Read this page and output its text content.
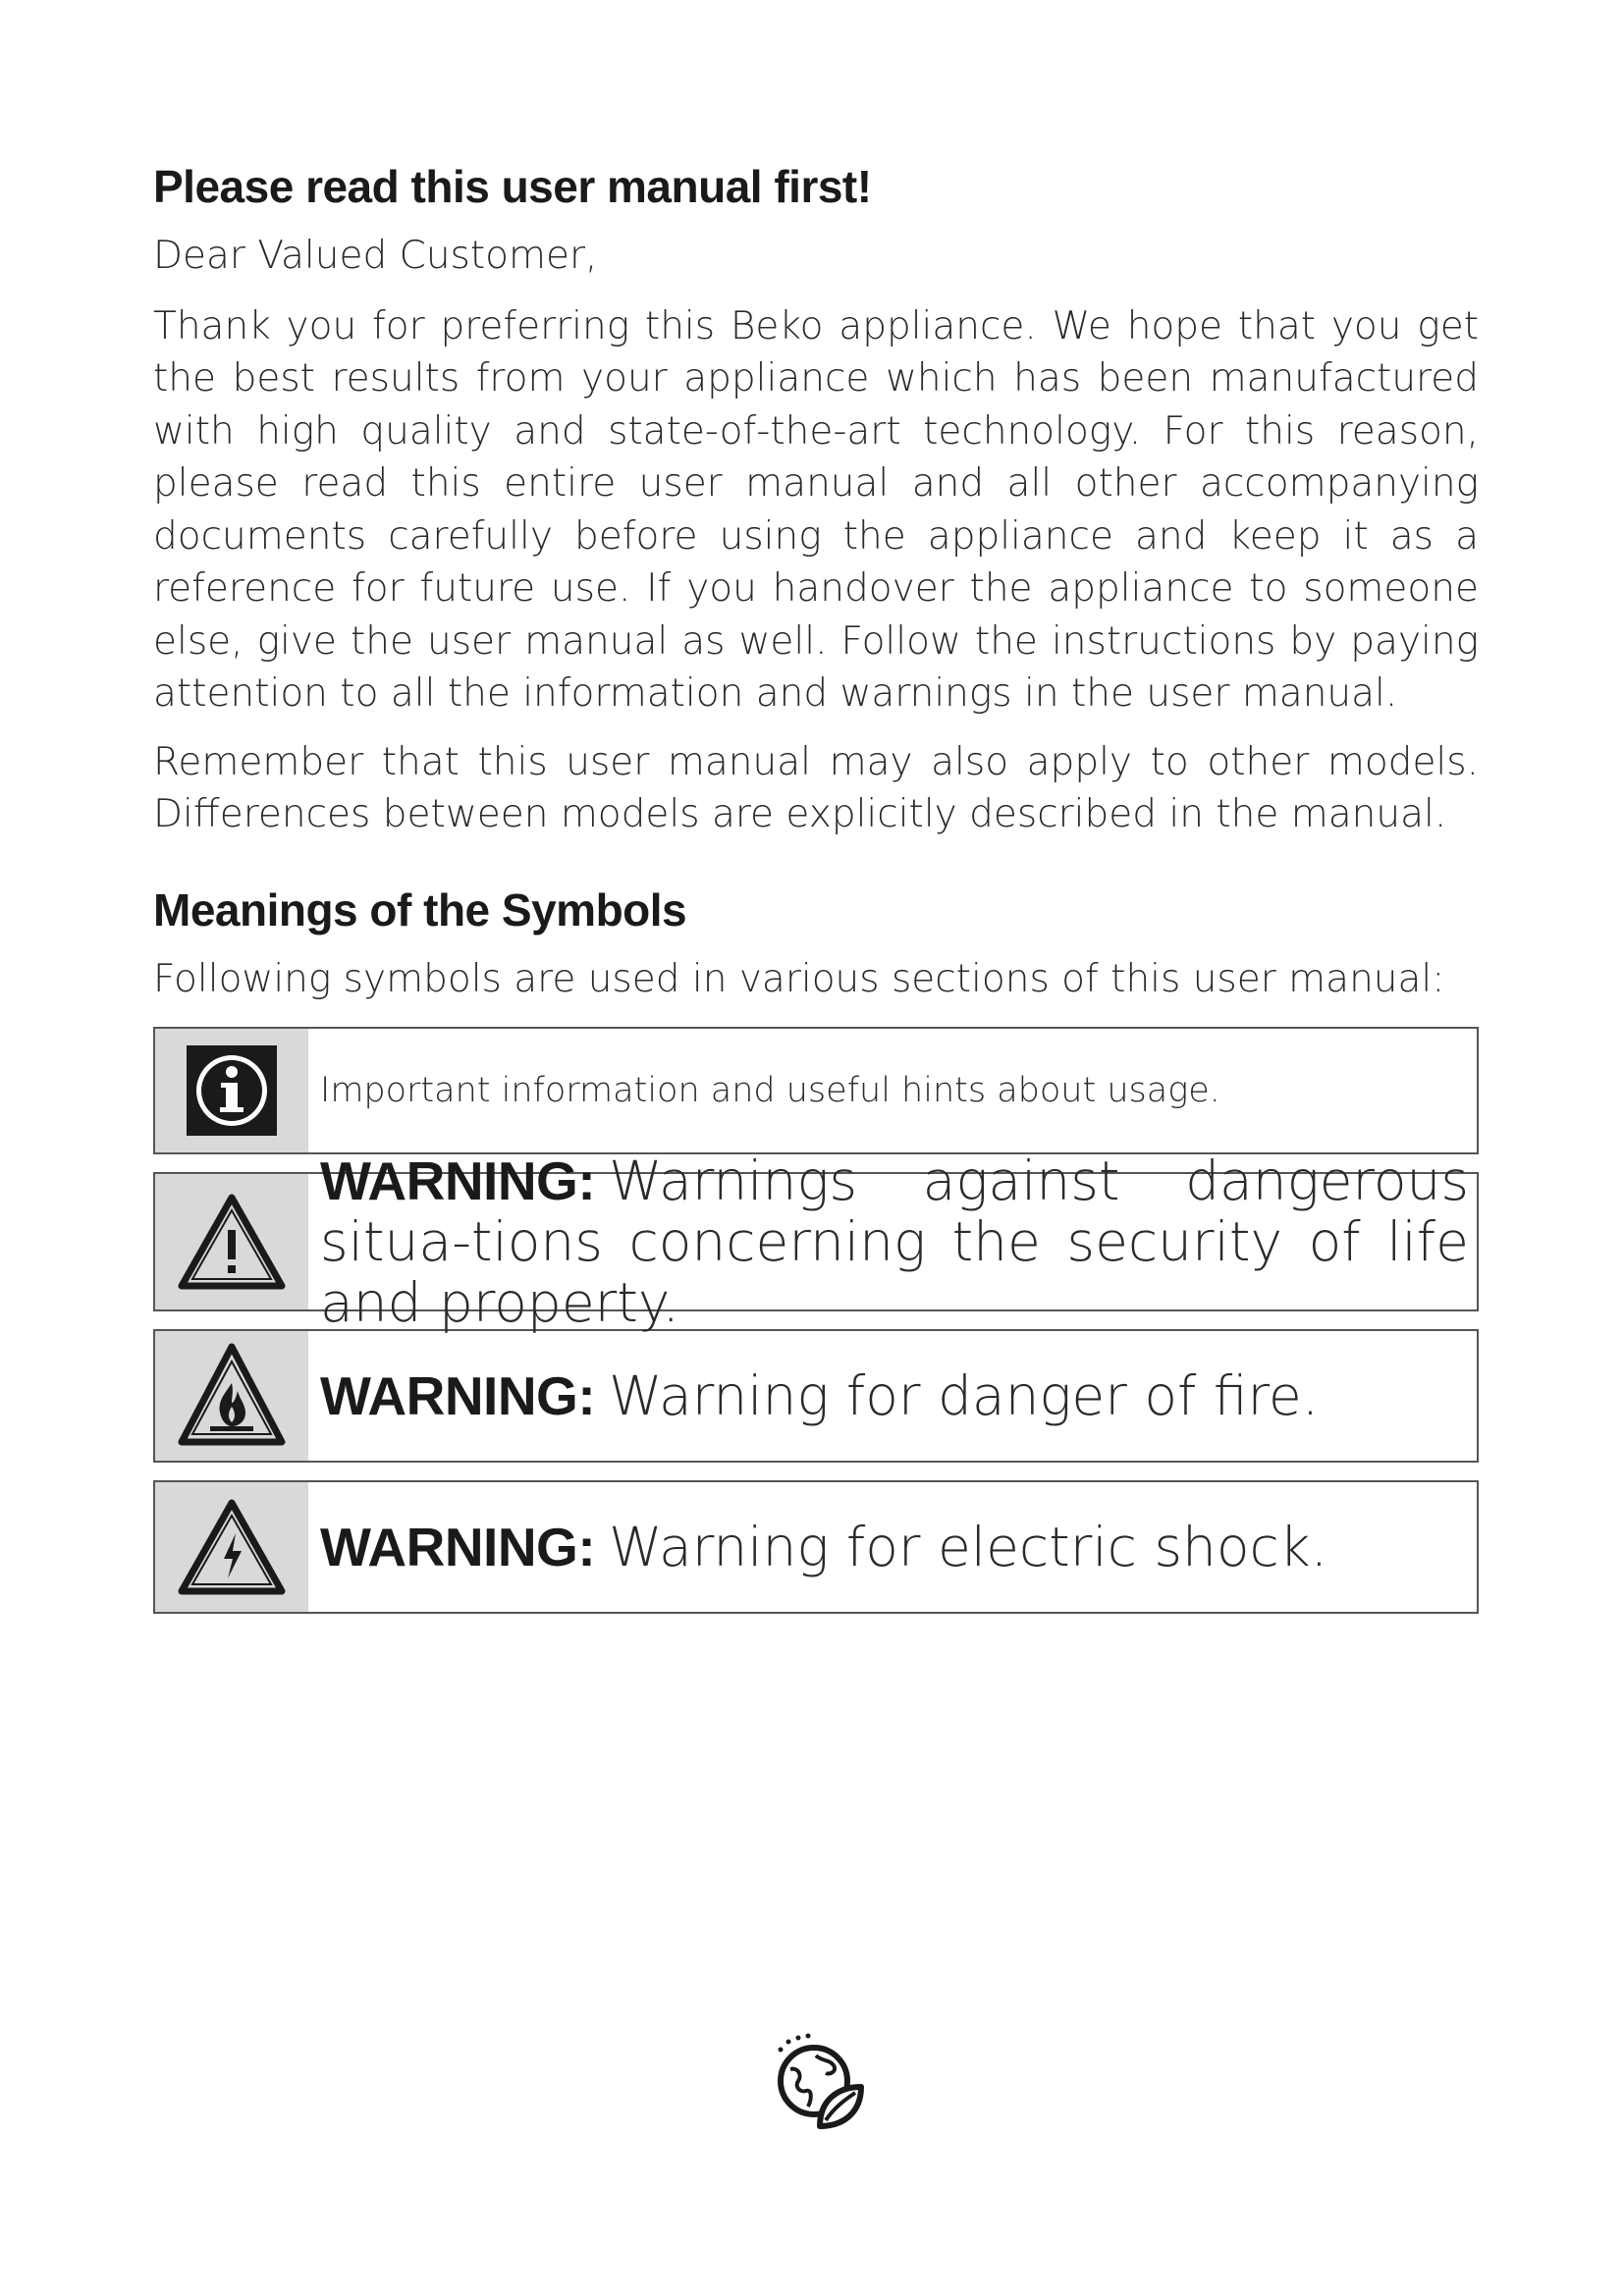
Please read this user manual first!

Dear Valued Customer,

Thank you for preferring this Beko appliance. We hope that you get the best results from your appliance which has been manufactured with high quality and state-of-the-art technology. For this reason, please read this entire user manual and all other accompanying documents carefully before using the appliance and keep it as a reference for future use. If you handover the appliance to someone else, give the user manual as well. Follow the instructions by paying attention to all the information and warnings in the user manual.

Remember that this user manual may also apply to other models. Differences between models are explicitly described in the manual.

Meanings of the Symbols

Following symbols are used in various sections of this user manual:

Important information and useful hints about usage.
WARNING: Warnings against dangerous situa-tions concerning the security of life and property.
WARNING: Warning for danger of fire.
WARNING: Warning for electric shock.
